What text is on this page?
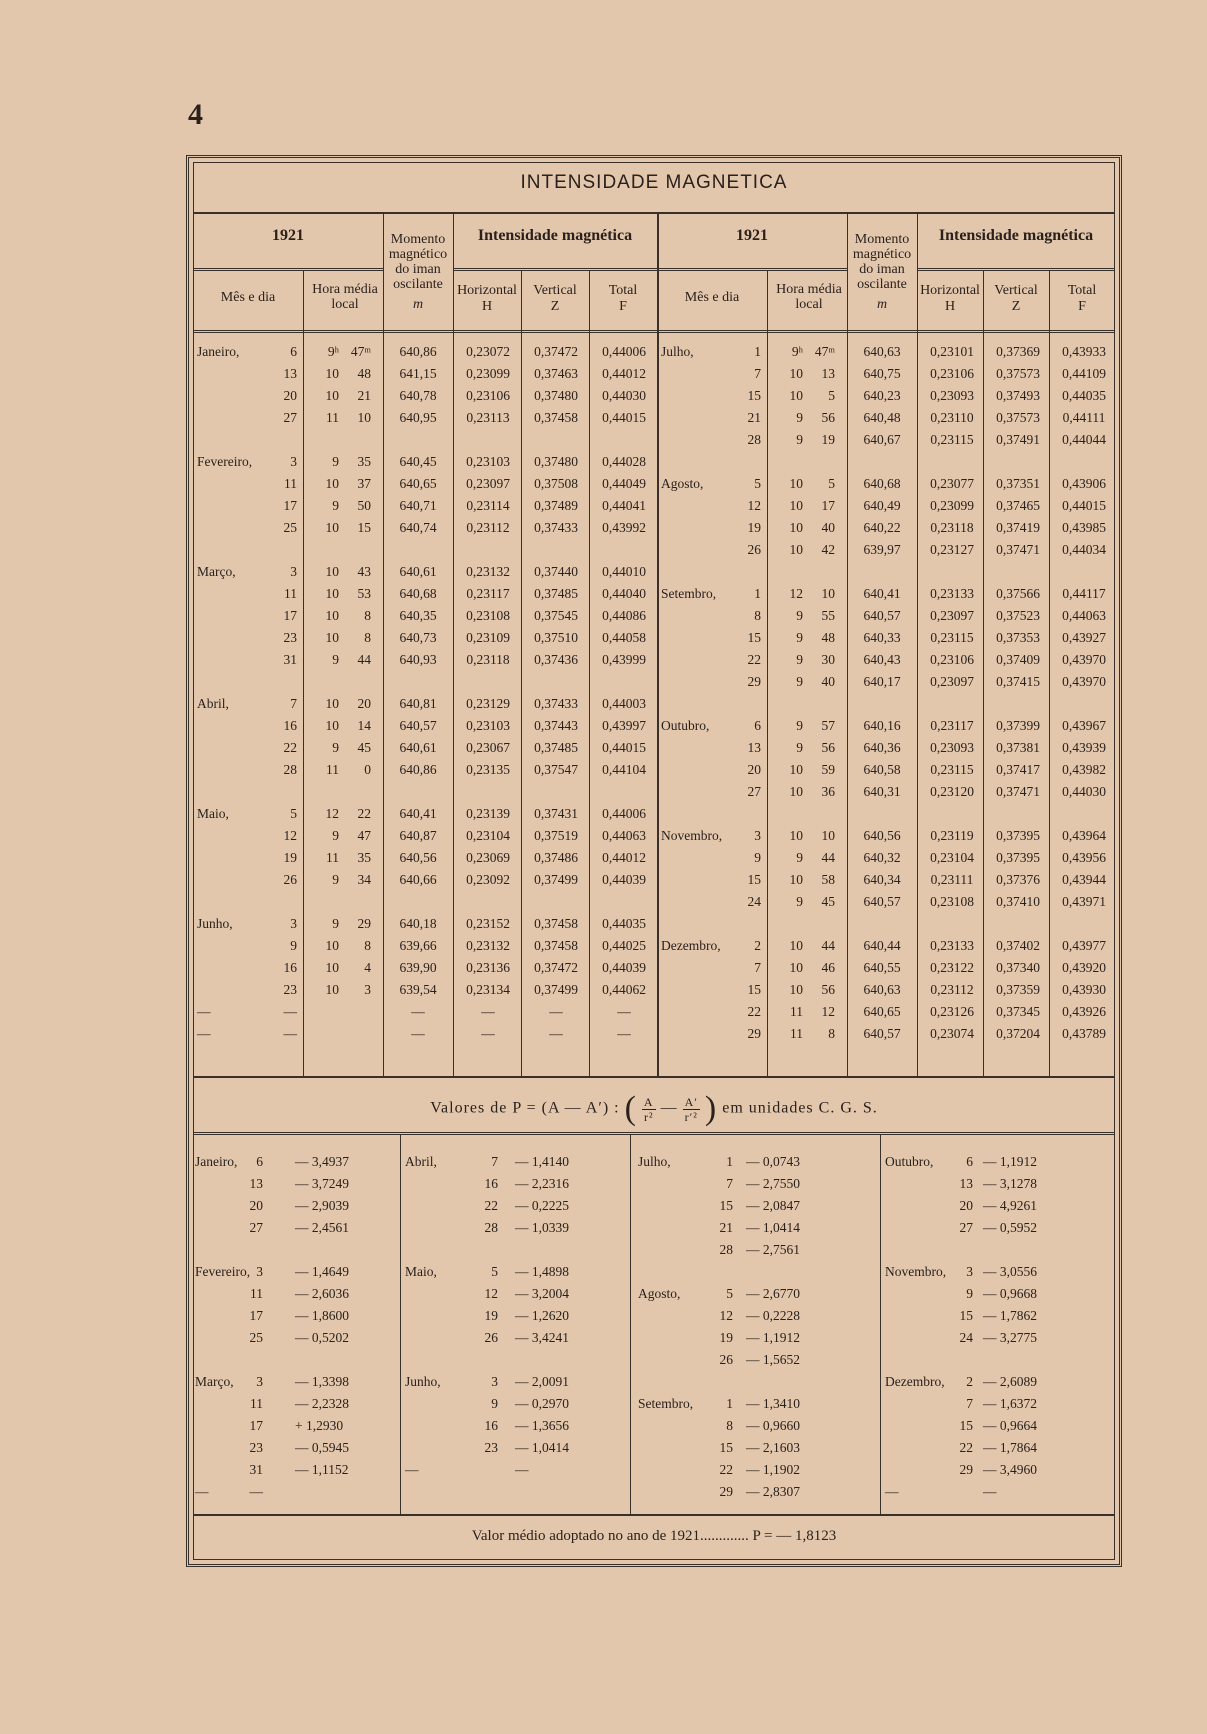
4
INTENSIDADE MAGNETICA
1921
Mês e dia
Hora média local
Momento magnético do iman oscilante
m
Intensidade magnética
Horizontal
H
Vertical
Z
Total
F
1921
Mês e dia
Hora média local
Momento magnético do iman oscilante
m
Intensidade magnética
Horizontal
H
Vertical
Z
Total
F
Janeiro,	6	9ʰ 47ᵐ	640,86	0,23072	0,37472	0,44006
13	10	48	641,15	0,23099	0,37463	0,44012
20	10	21	640,78	0,23106	0,37480	0,44030
27	11	10	640,95	0,23113	0,37458	0,44015
Fevereiro,	3	9	35	640,45	0,23103	0,37480	0,44028
11	10	37	640,65	0,23097	0,37508	0,44049
17	9	50	640,71	0,23114	0,37489	0,44041
25	10	15	640,74	0,23112	0,37433	0,43992
Março,	3	10	43	640,61	0,23132	0,37440	0,44010
11	10	53	640,68	0,23117	0,37485	0,44040
17	10	8	640,35	0,23108	0,37545	0,44086
23	10	8	640,73	0,23109	0,37510	0,44058
31	9	44	640,93	0,23118	0,37436	0,43999
Abril,	7	10	20	640,81	0,23129	0,37433	0,44003
16	10	14	640,57	0,23103	0,37443	0,43997
22	9	45	640,61	0,23067	0,37485	0,44015
28	11	0	640,86	0,23135	0,37547	0,44104
Maio,	5	12	22	640,41	0,23139	0,37431	0,44006
12	9	47	640,87	0,23104	0,37519	0,44063
19	11	35	640,56	0,23069	0,37486	0,44012
26	9	34	640,66	0,23092	0,37499	0,44039
Junho,	3	9	29	640,18	0,23152	0,37458	0,44035
9	10	8	639,66	0,23132	0,37458	0,44025
16	10	4	639,90	0,23136	0,37472	0,44039
23	10	3	639,54	0,23134	0,37499	0,44062
—	—	—	—	—	—
—	—	—	—	—	—
Julho,	1	9ʰ 47ᵐ	640,63	0,23101	0,37369	0,43933
7	10	13	640,75	0,23106	0,37573	0,44109
15	10	5	640,23	0,23093	0,37493	0,44035
21	9	56	640,48	0,23110	0,37573	0,44111
28	9	19	640,67	0,23115	0,37491	0,44044
Agosto,	5	10	5	640,68	0,23077	0,37351	0,43906
12	10	17	640,49	0,23099	0,37465	0,44015
19	10	40	640,22	0,23118	0,37419	0,43985
26	10	42	639,97	0,23127	0,37471	0,44034
Setembro,	1	12	10	640,41	0,23133	0,37566	0,44117
8	9	55	640,57	0,23097	0,37523	0,44063
15	9	48	640,33	0,23115	0,37353	0,43927
22	9	30	640,43	0,23106	0,37409	0,43970
29	9	40	640,17	0,23097	0,37415	0,43970
Outubro,	6	9	57	640,16	0,23117	0,37399	0,43967
13	9	56	640,36	0,23093	0,37381	0,43939
20	10	59	640,58	0,23115	0,37417	0,43982
27	10	36	640,31	0,23120	0,37471	0,44030
Novembro,	3	10	10	640,56	0,23119	0,37395	0,43964
9	9	44	640,32	0,23104	0,37395	0,43956
15	10	58	640,34	0,23111	0,37376	0,43944
24	9	45	640,57	0,23108	0,37410	0,43971
Dezembro,	2	10	44	640,44	0,23133	0,37402	0,43977
7	10	46	640,55	0,23122	0,37340	0,43920
15	10	56	640,63	0,23112	0,37359	0,43930
22	11	12	640,65	0,23126	0,37345	0,43926
29	11	8	640,57	0,23074	0,37204	0,43789
Valores de P = (A — A′) : ( $\frac{A}{\text{r²}}$ — $\frac{A'}{\text{r′²}}$ ) em unidades C. G. S.
Janeiro,	6 — 3,4937
13 — 3,7249
20 — 2,9039
27 — 2,4561
Fevereiro, 3 — 1,4649
11 — 2,6036
17 — 1,8600
25 — 0,5202
Março,	3 — 1,3398
11 — 2,2328
17 + 1,2930
23 — 0,5945
31 — 1,1152
—	—
Abril,	7 — 1,4140
16 — 2,2316
22 — 0,2225
28 — 1,0339
Maio,	5 — 1,4898
12 — 3,2004
19 — 1,2620
26 — 3,4241
Junho,	3 — 2,0091
9 — 0,2970
16 — 1,3656
23 — 1,0414
—	—
Julho,	1 — 0,0743
7 — 2,7550
15 — 2,0847
21 — 1,0414
28 — 2,7561
Agosto,	5 — 2,6770
12 — 0,2228
19 — 1,1912
26 — 1,5652
Setembro,	1 — 1,3410
8 — 0,9660
15 — 2,1603
22 — 1,1902
29 — 2,8307
Outubro,	6 — 1,1912
13 — 3,1278
20 — 4,9261
27 — 0,5952
Novembro,	3 — 3,0556
9 — 0,9668
15 — 1,7862
24 — 3,2775
Dezembro,	2 — 2,6089
7 — 1,6372
15 — 0,9664
22 — 1,7864
29 — 3,4960
—	—
Valor médio adoptado no ano de 1921............. P = — 1,8123
